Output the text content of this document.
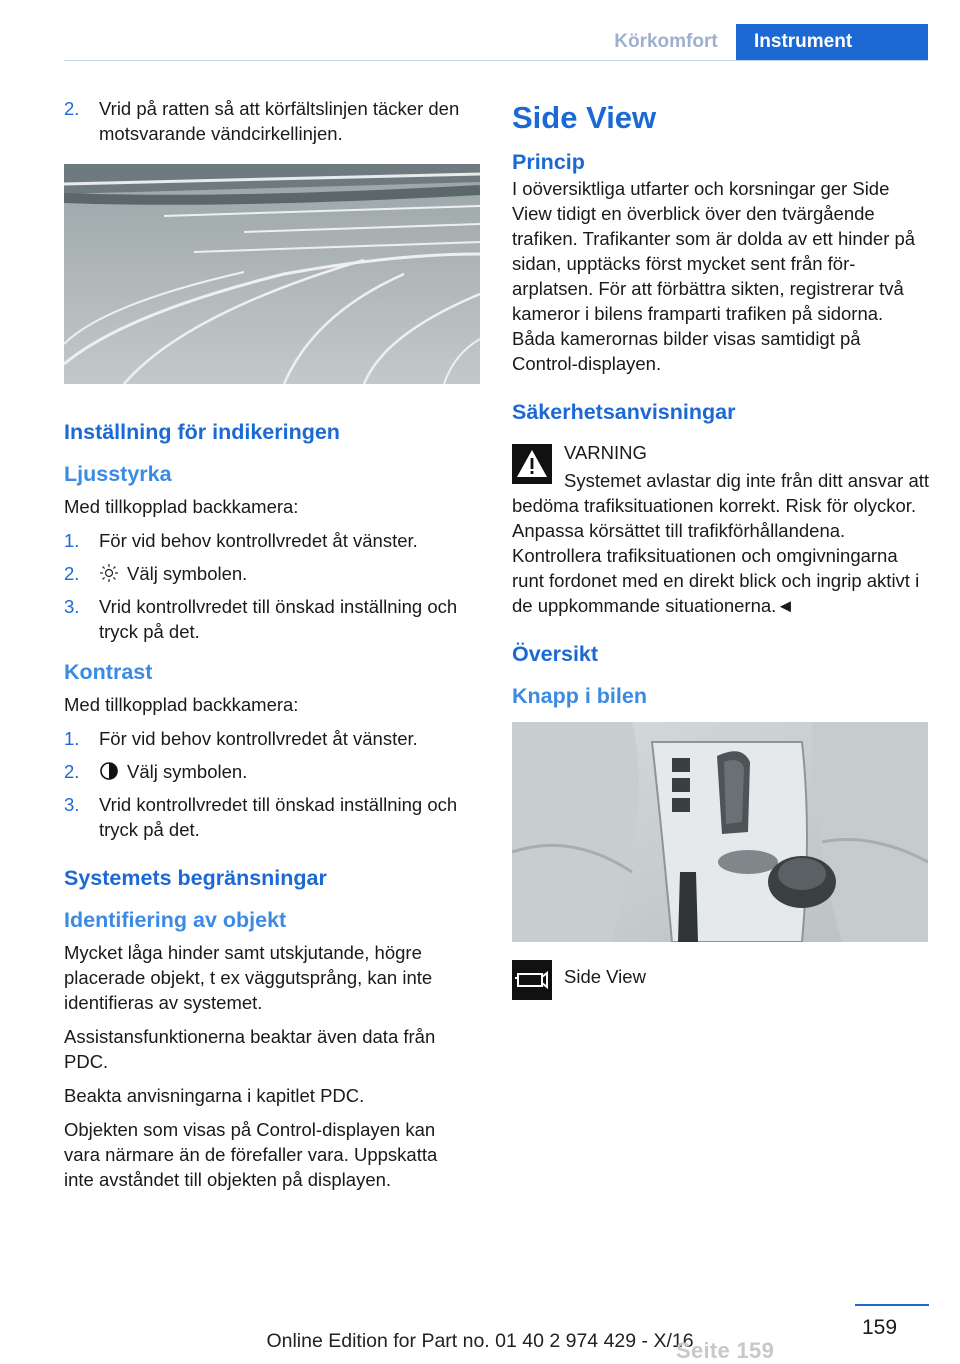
Körkomfort	Instrument
2.	Vrid på ratten så att körfältslinjen täcker den motsvarande vändcirkellinjen.
Inställning för indikeringen
Ljusstyrka

Med tillkopplad backkamera:

1.	För vid behov kontrollvredet åt vänster.
2.	Välj symbolen.
3.	Vrid kontrollvredet till önskad inställning och tryck på det.
Kontrast

Med tillkopplad backkamera:

1.	För vid behov kontrollvredet åt vänster.
2.	Välj symbolen.
3.	Vrid kontrollvredet till önskad inställning och tryck på det.
Systemets begränsningar
Identifiering av objekt

Mycket låga hinder samt utskjutande, högre placerade objekt, t ex väggutsprång, kan inte identifieras av systemet.

Assistansfunktionerna beaktar även data från PDC.

Beakta anvisningarna i kapitlet PDC.

Objekten som visas på Control-displayen kan vara närmare än de förefaller vara. Uppskatta inte avståndet till objekten på displayen.

Side View
Princip

I oöversiktliga utfarter och korsningar ger Side View tidigt en överblick över den tvärgående trafiken. Trafikanter som är dolda av ett hinder på sidan, upptäcks först mycket sent från förarplatsen. För att förbättra sikten, registrerar två kameror i bilens framparti trafiken på sidorna. Båda kamerornas bilder visas samtidigt på Control-displayen.

Säkerhetsanvisningar
VARNING

Systemet avlastar dig inte från ditt ansvar att bedöma trafiksituationen korrekt. Risk för olyckor. Anpassa körsättet till trafikförhållandena. Kontrollera trafiksituationen och omgivningarna runt fordonet med en direkt blick och ingrip aktivt i de uppkommande situationerna.◄

Översikt
Knapp i bilen
Side View
159
Online Edition for Part no. 01 40 2 974 429 - X/16
Seite 159
